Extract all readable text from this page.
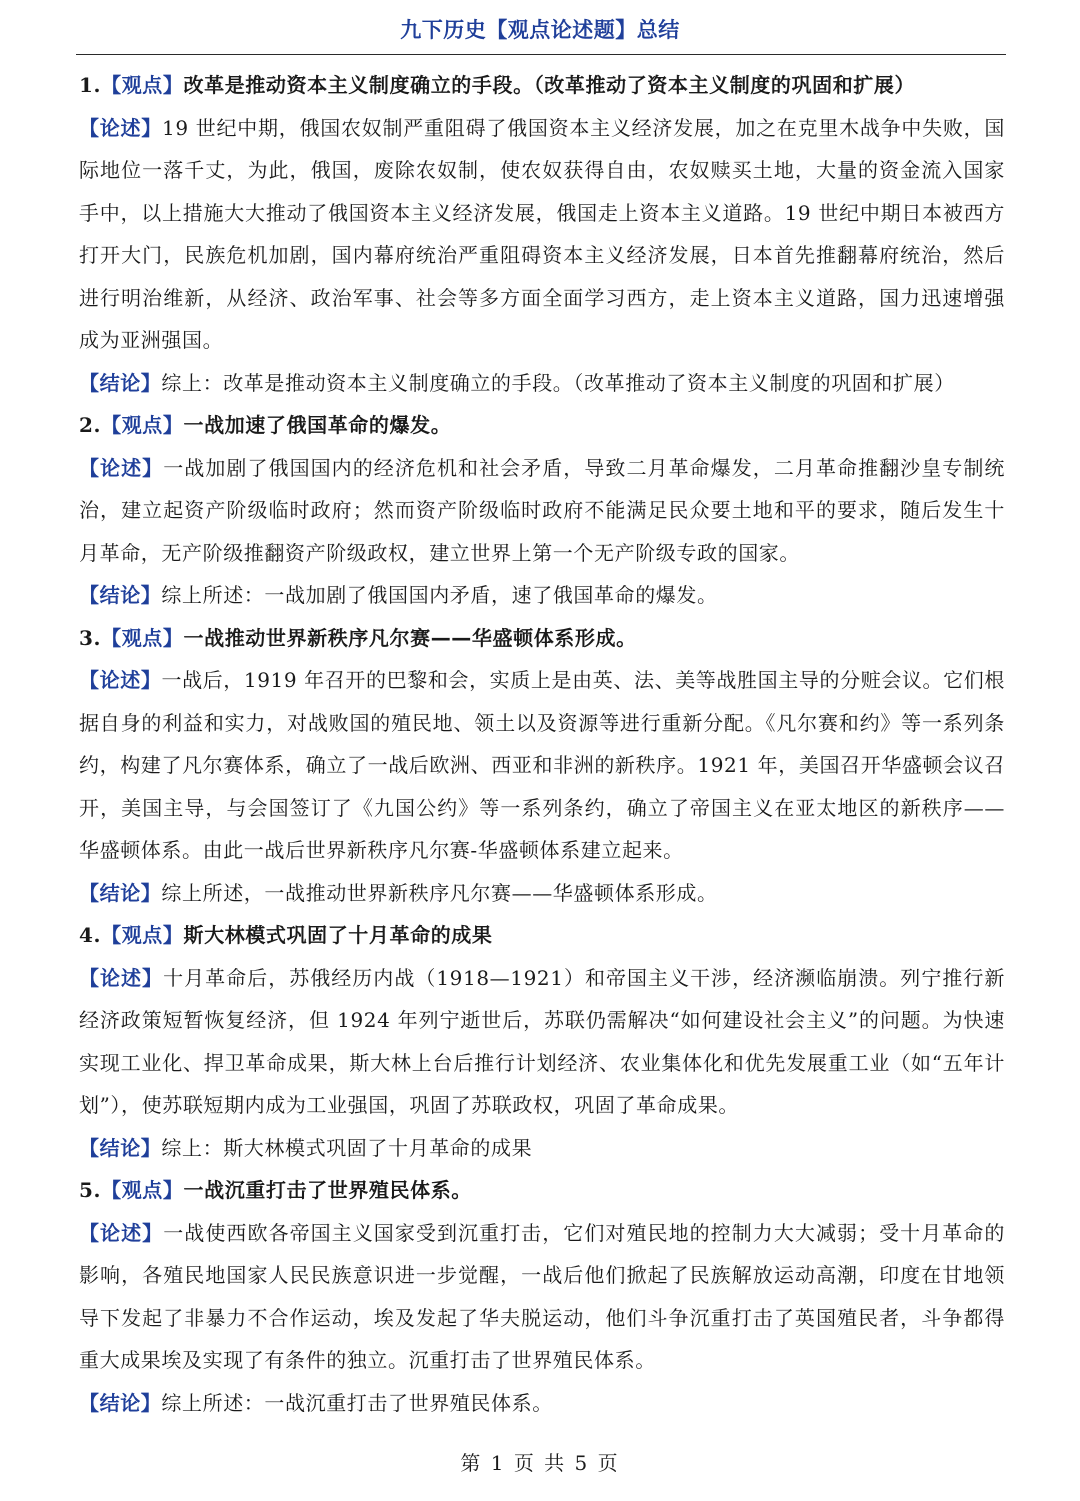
九下历史【观点论述题】总结

1.【观点】改革是推动资本主义制度确立的手段。（改革推动了资本主义制度的巩固和扩展）

【论述】19 世纪中期，俄国农奴制严重阻碍了俄国资本主义经济发展，加之在克里木战争中失败，国际地位一落千丈，为此，俄国，废除农奴制，使农奴获得自由，农奴赎买土地，大量的资金流入国家手中，以上措施大大推动了俄国资本主义经济发展，俄国走上资本主义道路。19 世纪中期日本被西方打开大门，民族危机加剧，国内幕府统治严重阻碍资本主义经济发展，日本首先推翻幕府统治，然后进行明治维新，从经济、政治军事、社会等多方面全面学习西方，走上资本主义道路，国力迅速增强成为亚洲强国。

【结论】综上：改革是推动资本主义制度确立的手段。（改革推动了资本主义制度的巩固和扩展）

2.【观点】一战加速了俄国革命的爆发。

【论述】一战加剧了俄国国内的经济危机和社会矛盾，导致二月革命爆发，二月革命推翻沙皇专制统治，建立起资产阶级临时政府；然而资产阶级临时政府不能满足民众要土地和平的要求，随后发生十月革命，无产阶级推翻资产阶级政权，建立世界上第一个无产阶级专政的国家。

【结论】综上所述：一战加剧了俄国国内矛盾，速了俄国革命的爆发。

3.【观点】一战推动世界新秩序凡尔赛——华盛顿体系形成。

【论述】一战后，1919 年召开的巴黎和会，实质上是由英、法、美等战胜国主导的分赃会议。它们根据自身的利益和实力，对战败国的殖民地、领土以及资源等进行重新分配。《凡尔赛和约》等一系列条约，构建了凡尔赛体系，确立了一战后欧洲、西亚和非洲的新秩序。1921 年，美国召开华盛顿会议召开，美国主导，与会国签订了《九国公约》等一系列条约，确立了帝国主义在亚太地区的新秩序——华盛顿体系。由此一战后世界新秩序凡尔赛-华盛顿体系建立起来。

【结论】综上所述，一战推动世界新秩序凡尔赛——华盛顿体系形成。

4.【观点】斯大林模式巩固了十月革命的成果

【论述】十月革命后，苏俄经历内战（1918—1921）和帝国主义干涉，经济濒临崩溃。列宁推行新经济政策短暂恢复经济，但 1924 年列宁逝世后，苏联仍需解决“如何建设社会主义”的问题。为快速实现工业化、捍卫革命成果，斯大林上台后推行计划经济、农业集体化和优先发展重工业（如“五年计划”），使苏联短期内成为工业强国，巩固了苏联政权，巩固了革命成果。

【结论】综上：斯大林模式巩固了十月革命的成果

5.【观点】一战沉重打击了世界殖民体系。

【论述】一战使西欧各帝国主义国家受到沉重打击，它们对殖民地的控制力大大减弱；受十月革命的影响，各殖民地国家人民民族意识进一步觉醒，一战后他们掀起了民族解放运动高潮，印度在甘地领导下发起了非暴力不合作运动，埃及发起了华夫脱运动，他们斗争沉重打击了英国殖民者，斗争都得重大成果埃及实现了有条件的独立。沉重打击了世界殖民体系。

【结论】综上所述：一战沉重打击了世界殖民体系。

第 1 页 共 5 页
